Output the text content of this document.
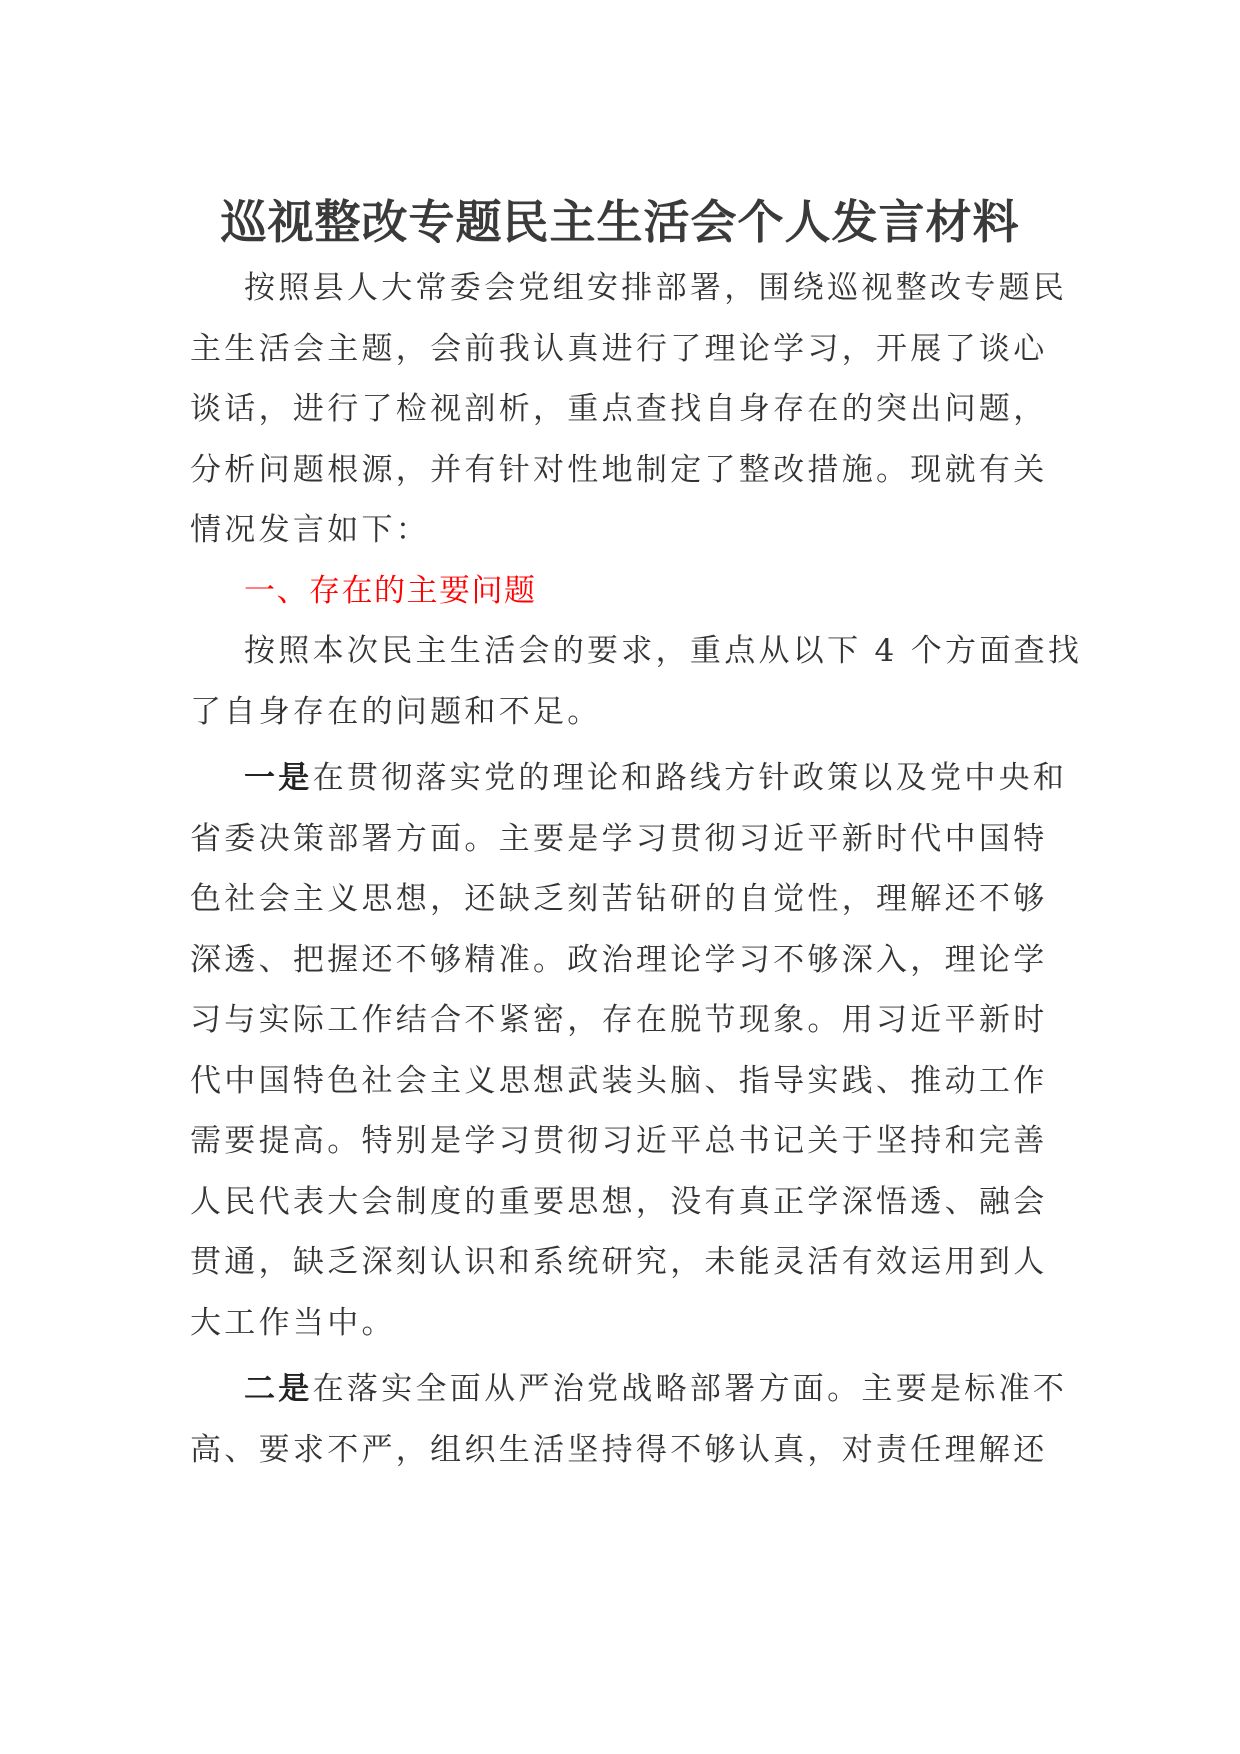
巡视整改专题民主生活会个人发言材料
按照县人大常委会党组安排部署，围绕巡视整改专题民
主生活会主题，会前我认真进行了理论学习，开展了谈心
谈话，进行了检视剖析，重点查找自身存在的突出问题，
分析问题根源，并有针对性地制定了整改措施。现就有关
情况发言如下：
一、存在的主要问题
按照本次民主生活会的要求，重点从以下 4 个方面查找
了自身存在的问题和不足。
一是在贯彻落实党的理论和路线方针政策以及党中央和
省委决策部署方面。主要是学习贯彻习近平新时代中国特
色社会主义思想，还缺乏刻苦钻研的自觉性，理解还不够
深透、把握还不够精准。政治理论学习不够深入，理论学
习与实际工作结合不紧密，存在脱节现象。用习近平新时
代中国特色社会主义思想武装头脑、指导实践、推动工作
需要提高。特别是学习贯彻习近平总书记关于坚持和完善
人民代表大会制度的重要思想，没有真正学深悟透、融会
贯通，缺乏深刻认识和系统研究，未能灵活有效运用到人
大工作当中。
二是在落实全面从严治党战略部署方面。主要是标准不
高、要求不严，组织生活坚持得不够认真，对责任理解还
